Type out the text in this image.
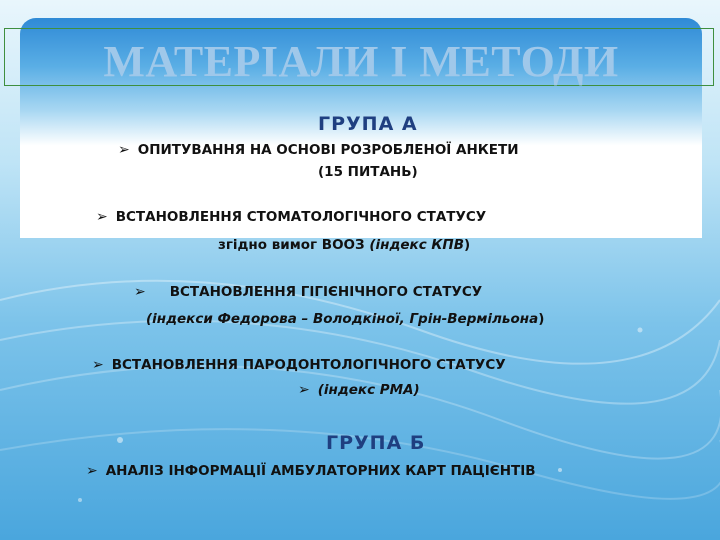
МАТЕРІАЛИ І МЕТОДИ
ГРУПА А
➢ ОПИТУВАННЯ НА ОСНОВІ РОЗРОБЛЕНОЇ АНКЕТИ
(15 ПИТАНЬ)
➢ ВСТАНОВЛЕННЯ СТОМАТОЛОГІЧНОГО СТАТУСУ
згідно вимог ВООЗ (індекс КПВ)
➢ ВСТАНОВЛЕННЯ ГІГІЄНІЧНОГО СТАТУСУ
(індекси Федорова – Володкіної, Грін-Вермільона)
➢ ВСТАНОВЛЕННЯ ПАРОДОНТОЛОГІЧНОГО СТАТУСУ
➢ (індекс РМА)
ГРУПА Б
➢ АНАЛІЗ ІНФОРМАЦІЇ АМБУЛАТОРНИХ КАРТ ПАЦІЄНТІВ
